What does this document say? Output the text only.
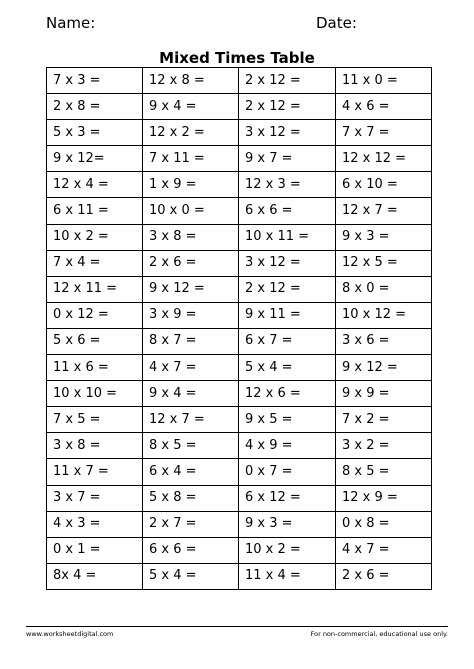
Name:	Date:
Mixed Times Table
7 x 3 =	12 x 8 =	2 x 12 =	11 x 0 =
2 x 8 =	9 x 4 =	2 x 12 =	4 x 6 =
5 x 3 =	12 x 2 =	3 x 12 =	7 x 7 =
9 x 12=	7 x 11 =	9 x 7 =	12 x 12 =
12 x 4 =	1 x 9 =	12 x 3 =	6 x 10 =
6 x 11 =	10 x 0 =	6 x 6 =	12 x 7 =
10 x 2 =	3 x 8 =	10 x 11 =	9 x 3 =
7 x 4 =	2 x 6 =	3 x 12 =	12 x 5 =
12 x 11 =	9 x 12 =	2 x 12 =	8 x 0 =
0 x 12 =	3 x 9 =	9 x 11 =	10 x 12 =
5 x 6 =	8 x 7 =	6 x 7 =	3 x 6 =
11 x 6 =	4 x 7 =	5 x 4 =	9 x 12 =
10 x 10 =	9 x 4 =	12 x 6 =	9 x 9 =
7 x 5 =	12 x 7 =	9 x 5 =	7 x 2 =
3 x 8 =	8 x 5 =	4 x 9 =	3 x 2 =
11 x 7 =	6 x 4 =	0 x 7 =	8 x 5 =
3 x 7 =	5 x 8 =	6 x 12 =	12 x 9 =
4 x 3 =	2 x 7 =	9 x 3 =	0 x 8 =
0 x 1 =	6 x 6 =	10 x 2 =	4 x 7 =
8x 4 =	5 x 4 =	11 x 4 =	2 x 6 =
www.worksheetdigital.com	For non-commercial, educational use only.
